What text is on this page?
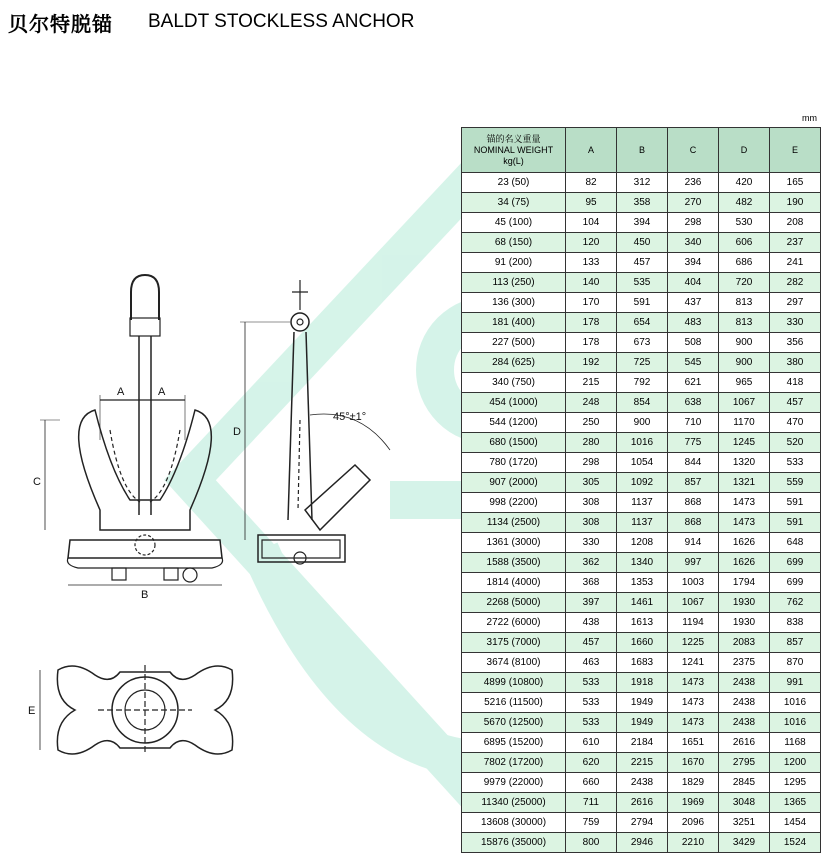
贝尔特脱锚 BALDT STOCKLESS ANCHOR
mm
A	A
C
B
D
45°±1°
E
锚的名义重量
NOMINAL WEIGHT
kg(L)	A	B	C	D	E
23 (50)	82	312	236	420	165
34 (75)	95	358	270	482	190
45 (100)	104	394	298	530	208
68 (150)	120	450	340	606	237
91 (200)	133	457	394	686	241
113 (250)	140	535	404	720	282
136 (300)	170	591	437	813	297
181 (400)	178	654	483	813	330
227 (500)	178	673	508	900	356
284 (625)	192	725	545	900	380
340 (750)	215	792	621	965	418
454 (1000)	248	854	638	1067	457
544 (1200)	250	900	710	1170	470
680 (1500)	280	1016	775	1245	520
780 (1720)	298	1054	844	1320	533
907 (2000)	305	1092	857	1321	559
998 (2200)	308	1137	868	1473	591
1134 (2500)	308	1137	868	1473	591
1361 (3000)	330	1208	914	1626	648
1588 (3500)	362	1340	997	1626	699
1814 (4000)	368	1353	1003	1794	699
2268 (5000)	397	1461	1067	1930	762
2722 (6000)	438	1613	1194	1930	838
3175 (7000)	457	1660	1225	2083	857
3674 (8100)	463	1683	1241	2375	870
4899 (10800)	533	1918	1473	2438	991
5216 (11500)	533	1949	1473	2438	1016
5670 (12500)	533	1949	1473	2438	1016
6895 (15200)	610	2184	1651	2616	1168
7802 (17200)	620	2215	1670	2795	1200
9979 (22000)	660	2438	1829	2845	1295
11340 (25000)	711	2616	1969	3048	1365
13608 (30000)	759	2794	2096	3251	1454
15876 (35000)	800	2946	2210	3429	1524
